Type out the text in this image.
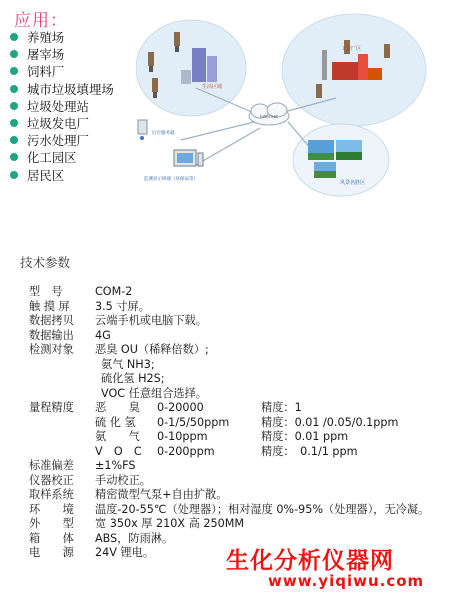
应用：
养殖场
屠宰场
饲料厂
城市垃圾填埋场
垃圾处理站
垃圾发电厂
污水处理厂
化工园区
居民区
Internet
生活区域
工业厂区
后台服务器
监测显示终端（环保局等）
风景名胜区
技术参数
型　号	COM-2
触 摸 屏 3.5 寸屏。
数据拷贝 云端手机或电脑下载。
数据输出 4G
检测对象 恶臭 OU（稀释倍数）;
氨气 NH3;
硫化氢 H2S;
VOC 任意组合选择。
量程精度 恶　　臭 0-20000	精度：1
硫 化 氢 0-1/5/50ppm	精度：0.01 /0.05/0.1ppm
氨　　气 0-10ppm	精度：0.01 ppm
V　O　C 0-200ppm	精度：　0.1/1 ppm
标准偏差 ±1%FS
仪器校正 手动校正。
取样系统 精密微型气泵+自由扩散。
环　　境 温度-20-55℃（处理器）；相对湿度 0%-95%（处理器），无冷凝。
外　　型 宽 350x 厚 210X 高 250MM
箱　　体 ABS，防雨淋。
电　　源 24V 锂电。	生化分析仪器网
www.yiqiwu.com
